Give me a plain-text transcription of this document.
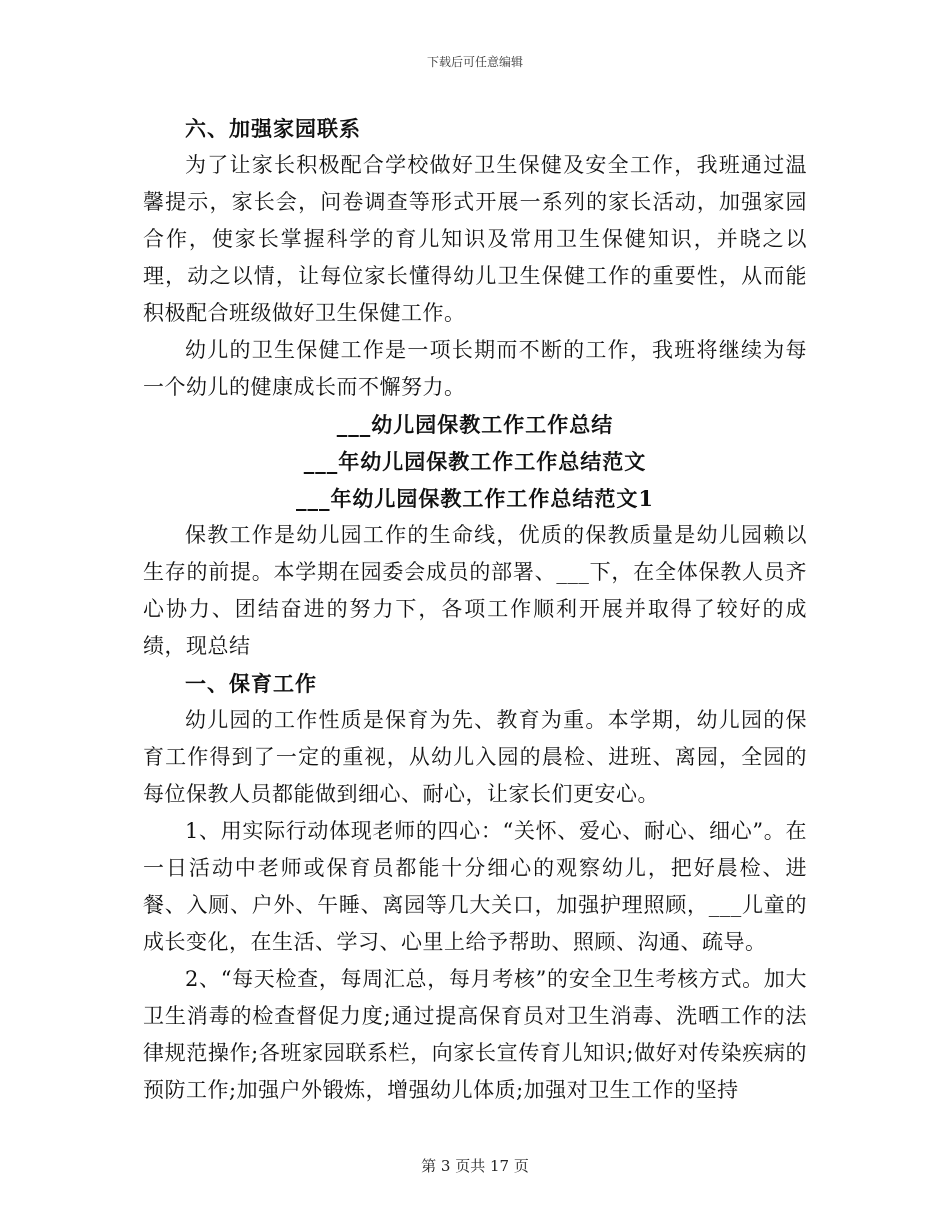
下载后可任意编辑

六、加强家园联系

为了让家长积极配合学校做好卫生保健及安全工作，我班通过温馨提示，家长会，问卷调查等形式开展一系列的家长活动，加强家园合作，使家长掌握科学的育儿知识及常用卫生保健知识，并晓之以理，动之以情，让每位家长懂得幼儿卫生保健工作的重要性，从而能积极配合班级做好卫生保健工作。

幼儿的卫生保健工作是一项长期而不断的工作，我班将继续为每一个幼儿的健康成长而不懈努力。

___幼儿园保教工作工作总结

___年幼儿园保教工作工作总结范文

___年幼儿园保教工作工作总结范文1

保教工作是幼儿园工作的生命线，优质的保教质量是幼儿园赖以生存的前提。本学期在园委会成员的部署、___下，在全体保教人员齐心协力、团结奋进的努力下，各项工作顺利开展并取得了较好的成绩，现总结

一、保育工作

幼儿园的工作性质是保育为先、教育为重。本学期，幼儿园的保育工作得到了一定的重视，从幼儿入园的晨检、进班、离园，全园的每位保教人员都能做到细心、耐心，让家长们更安心。

1、用实际行动体现老师的四心：“关怀、爱心、耐心、细心”。在一日活动中老师或保育员都能十分细心的观察幼儿，把好晨检、进餐、入厕、户外、午睡、离园等几大关口，加强护理照顾，___儿童的成长变化，在生活、学习、心里上给予帮助、照顾、沟通、疏导。

2、“每天检查，每周汇总，每月考核”的安全卫生考核方式。加大卫生消毒的检查督促力度;通过提高保育员对卫生消毒、洗晒工作的法律规范操作;各班家园联系栏，向家长宣传育儿知识;做好对传染疾病的预防工作;加强户外锻炼，增强幼儿体质;加强对卫生工作的坚持

第 3 页共 17 页
